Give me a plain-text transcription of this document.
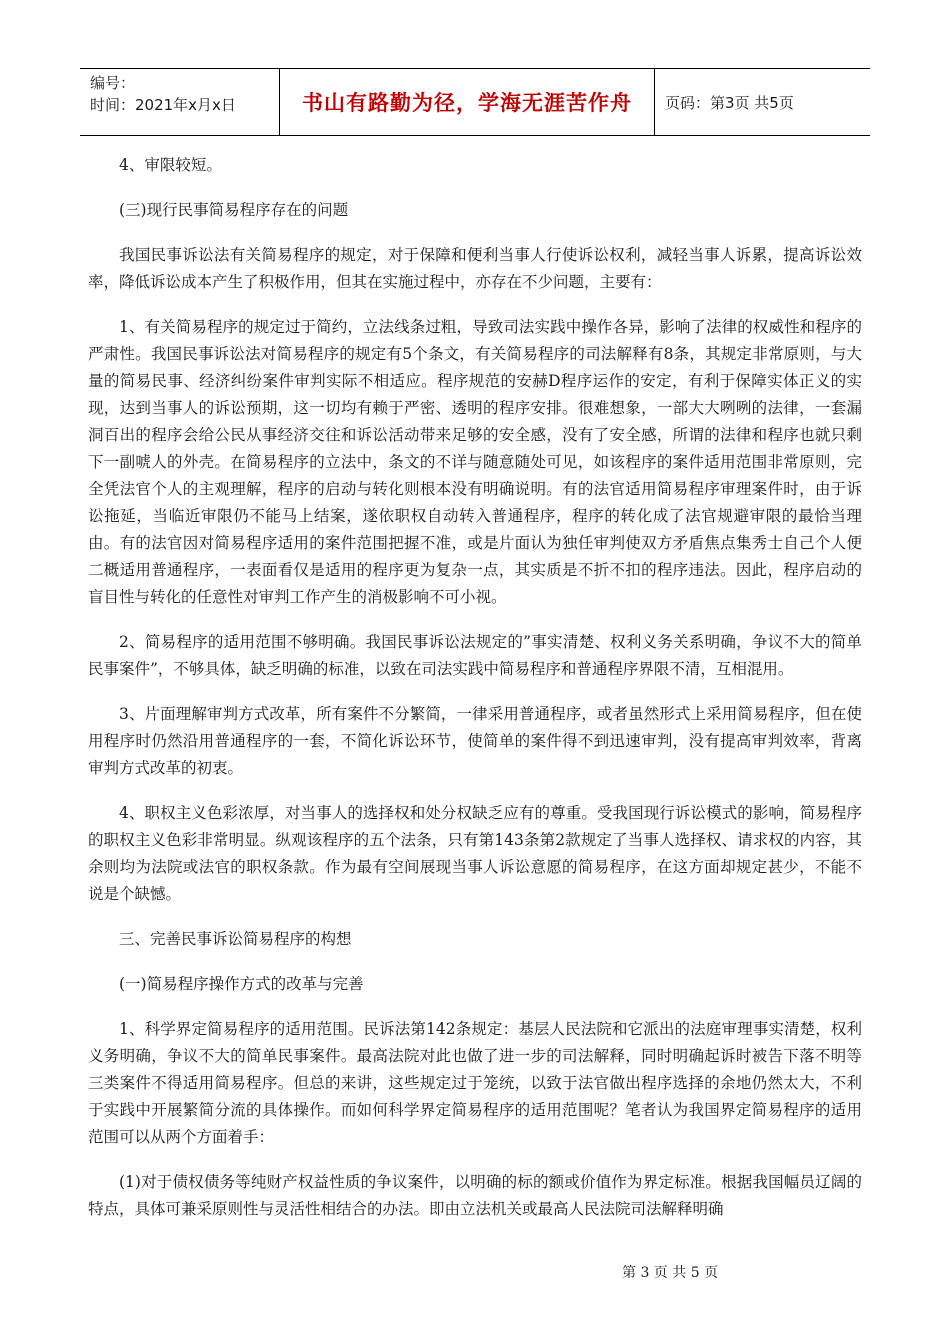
编号：
时间：2021年x月x日	书山有路勤为径，学海无涯苦作舟 页码：第3页 共5页

4、审限较短。

(三)现行民事简易程序存在的问题

我国民事诉讼法有关简易程序的规定，对于保障和便利当事人行使诉讼权利，减轻当事人诉累，提高诉讼效率，降低诉讼成本产生了积极作用，但其在实施过程中，亦存在不少问题，主要有：

1、有关简易程序的规定过于简约，立法线条过粗，导致司法实践中操作各异，影响了法律的权威性和程序的严肃性。我国民事诉讼法对简易程序的规定有5个条文，有关简易程序的司法解释有8条，其规定非常原则，与大量的简易民事、经济纠纷案件审判实际不相适应。程序规范的安赫D程序运作的安定，有利于保障实体正义的实现，达到当事人的诉讼预期，这一切均有赖于严密、透明的程序安排。很难想象，一部大大咧咧的法律，一套漏洞百出的程序会给公民从事经济交往和诉讼活动带来足够的安全感，没有了安全感，所谓的法律和程序也就只剩下一副唬人的外壳。在简易程序的立法中，条文的不详与随意随处可见，如该程序的案件适用范围非常原则，完全凭法官个人的主观理解，程序的启动与转化则根本没有明确说明。有的法官适用简易程序审理案件时，由于诉讼拖延，当临近审限仍不能马上结案，遂依职权自动转入普通程序，程序的转化成了法官规避审限的最恰当理由。有的法官因对简易程序适用的案件范围把握不准，或是片面认为独任审判使双方矛盾焦点集秀士自己个人便二概适用普通程序，一表面看仅是适用的程序更为复杂一点，其实质是不折不扣的程序违法。因此，程序启动的盲目性与转化的任意性对审判工作产生的消极影响不可小视。

2、简易程序的适用范围不够明确。我国民事诉讼法规定的”事实清楚、权利义务关系明确，争议不大的简单民事案件”，不够具体，缺乏明确的标准，以致在司法实践中简易程序和普通程序界限不清，互相混用。

3、片面理解审判方式改革，所有案件不分繁简，一律采用普通程序，或者虽然形式上采用简易程序，但在使用程序时仍然沿用普通程序的一套，不简化诉讼环节，使简单的案件得不到迅速审判，没有提高审判效率，背离审判方式改革的初衷。

4、职权主义色彩浓厚，对当事人的选择权和处分权缺乏应有的尊重。受我国现行诉讼模式的影响，简易程序的职权主义色彩非常明显。纵观该程序的五个法条，只有第143条第2款规定了当事人选择权、请求权的内容，其余则均为法院或法官的职权条款。作为最有空间展现当事人诉讼意愿的简易程序，在这方面却规定甚少，不能不说是个缺憾。

三、完善民事诉讼简易程序的构想

(一)简易程序操作方式的改革与完善

1、科学界定简易程序的适用范围。民诉法第142条规定：基层人民法院和它派出的法庭审理事实清楚，权利义务明确，争议不大的简单民事案件。最高法院对此也做了进一步的司法解释，同时明确起诉时被告下落不明等三类案件不得适用简易程序。但总的来讲，这些规定过于笼统，以致于法官做出程序选择的余地仍然太大，不利于实践中开展繁简分流的具体操作。而如何科学界定简易程序的适用范围呢？笔者认为我国界定简易程序的适用范围可以从两个方面着手：

(1)对于债权债务等纯财产权益性质的争议案件，以明确的标的额或价值作为界定标准。根据我国幅员辽阔的特点，具体可兼采原则性与灵活性相结合的办法。即由立法机关或最高人民法院司法解释明确

第 3 页 共 5 页
